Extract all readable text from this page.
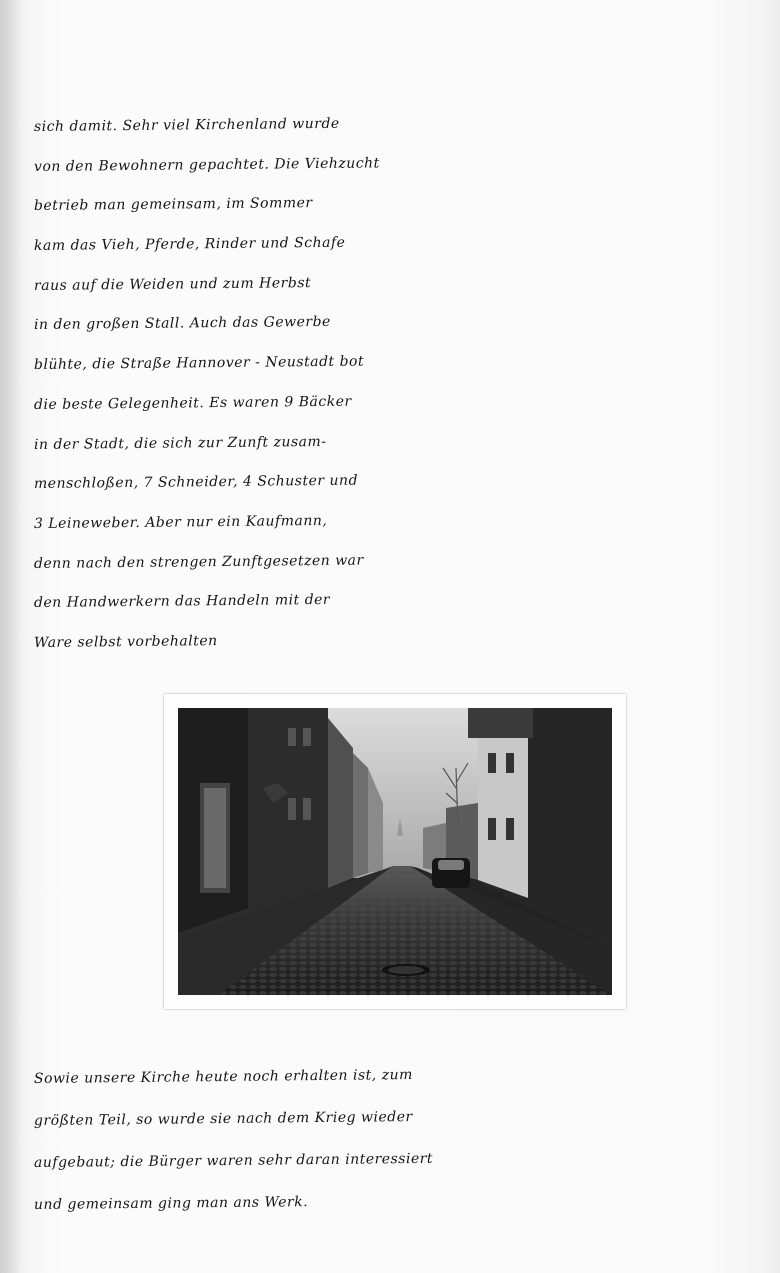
sich damit. Sehr viel Kirchenland wurde
von den Bewohnern gepachtet. Die Viehzucht
betrieb man gemeinsam, im Sommer
kam das Vieh, Pferde, Rinder und Schafe
raus auf die Weiden und zum Herbst
in den großen Stall. Auch das Gewerbe
blühte, die Straße Hannover - Neustadt bot
die beste Gelegenheit. Es waren 9 Bäcker
in der Stadt, die sich zur Zunft zusam-
menschloßen, 7 Schneider, 4 Schuster und
3 Leineweber. Aber nur ein Kaufmann,
denn nach den strengen Zunftgesetzen war
den Handwerkern das Handeln mit der
Ware selbst vorbehalten
Sowie unsere Kirche heute noch erhalten ist, zum
größten Teil, so wurde sie nach dem Krieg wieder
aufgebaut; die Bürger waren sehr daran interessiert
und gemeinsam ging man ans Werk.
